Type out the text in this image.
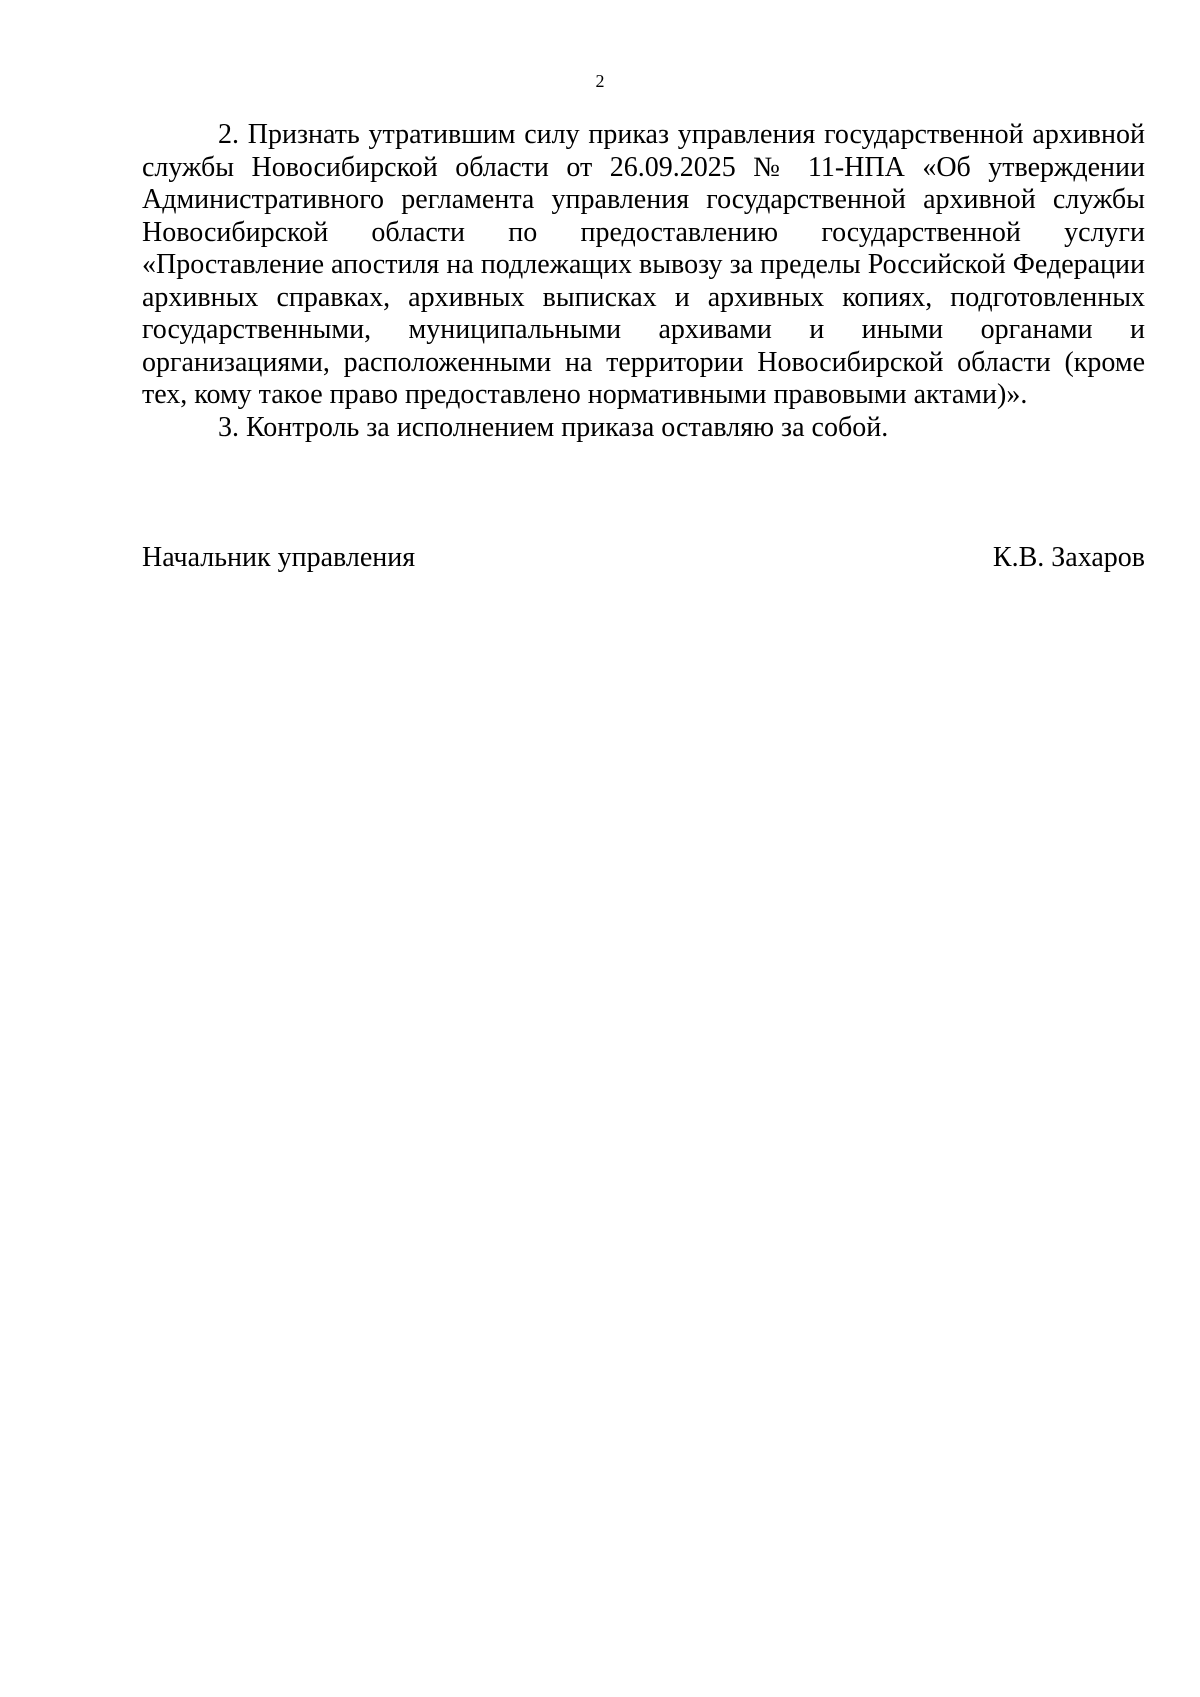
2

2. Признать утратившим силу приказ управления государственной архивной службы Новосибирской области от 26.09.2025 № 11-НПА «Об утверждении Административного регламента управления государственной архивной службы Новосибирской области по предоставлению государственной услуги «Проставление апостиля на подлежащих вывозу за пределы Российской Федерации архивных справках, архивных выписках и архивных копиях, подготовленных государственными, муниципальными архивами и иными органами и организациями, расположенными на территории Новосибирской области (кроме тех, кому такое право предоставлено нормативными правовыми актами)».

3. Контроль за исполнением приказа оставляю за собой.

Начальник управления	К.В. Захаров
